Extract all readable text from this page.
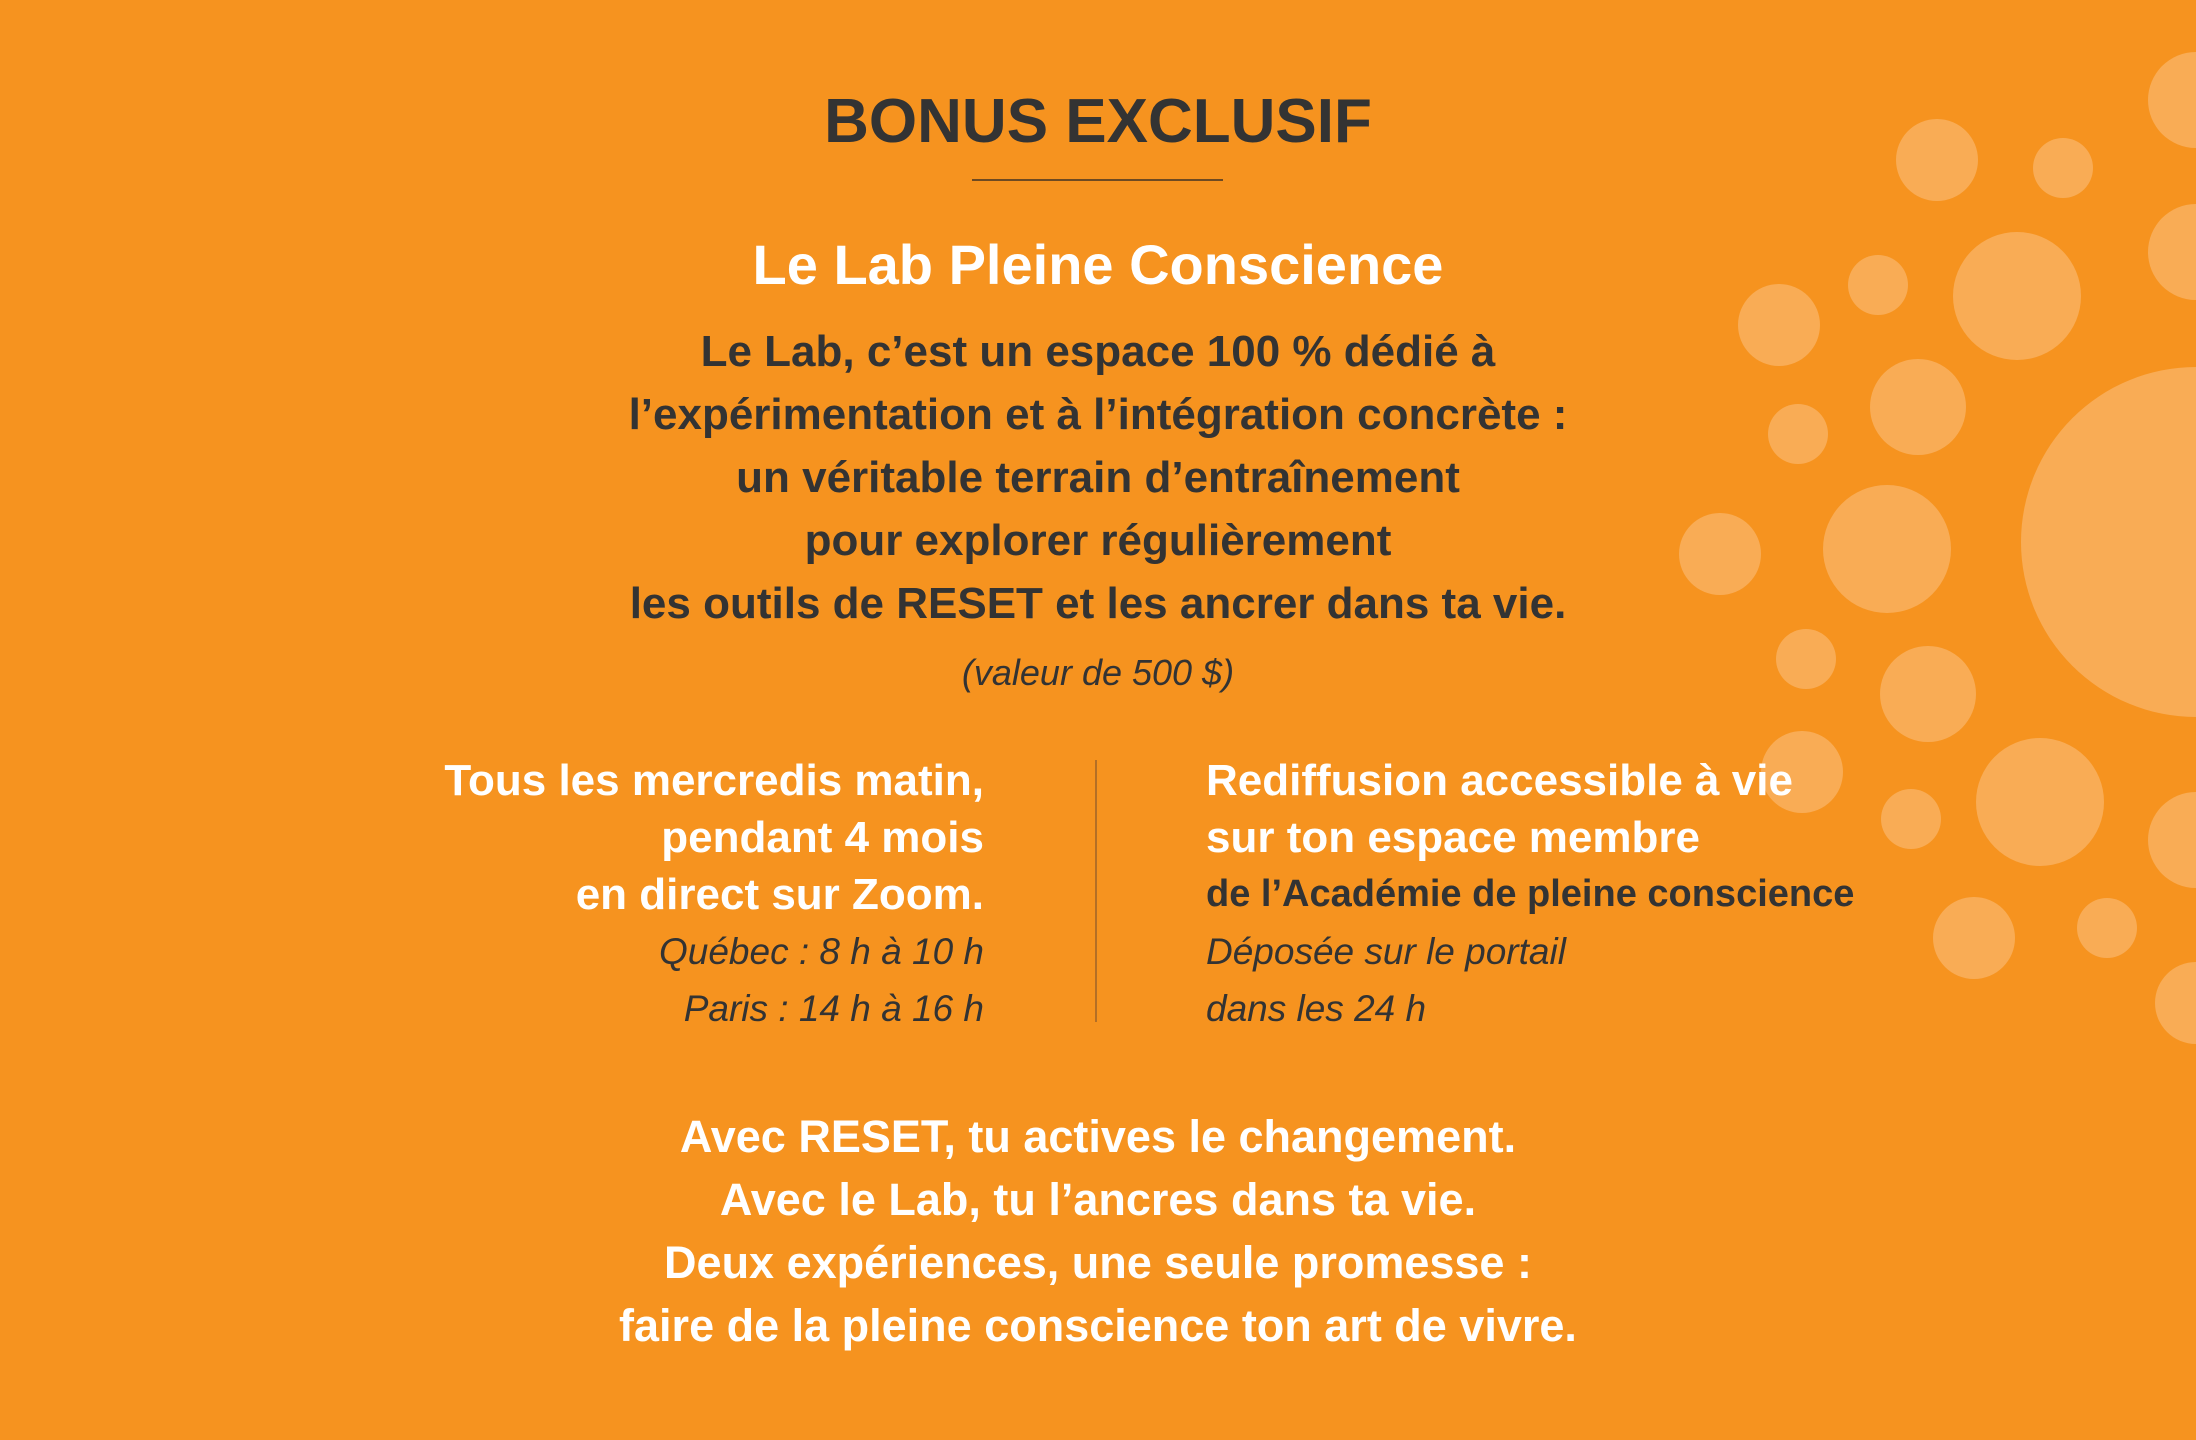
BONUS EXCLUSIF
Le Lab Pleine Conscience

Le Lab, c’est un espace 100 % dédié à
l’expérimentation et à l’intégration concrète :
un véritable terrain d’entraînement
pour explorer régulièrement
les outils de RESET et les ancrer dans ta vie.

(valeur de 500 $)

Tous les mercredis matin,
pendant 4 mois
en direct sur Zoom.
Québec : 8 h à 10 h
Paris : 14 h à 16 h
Rediffusion accessible à vie
sur ton espace membre
de l’Académie de pleine conscience
Déposée sur le portail
dans les 24 h

Avec RESET, tu actives le changement.
Avec le Lab, tu l’ancres dans ta vie.
Deux expériences, une seule promesse :
faire de la pleine conscience ton art de vivre.
